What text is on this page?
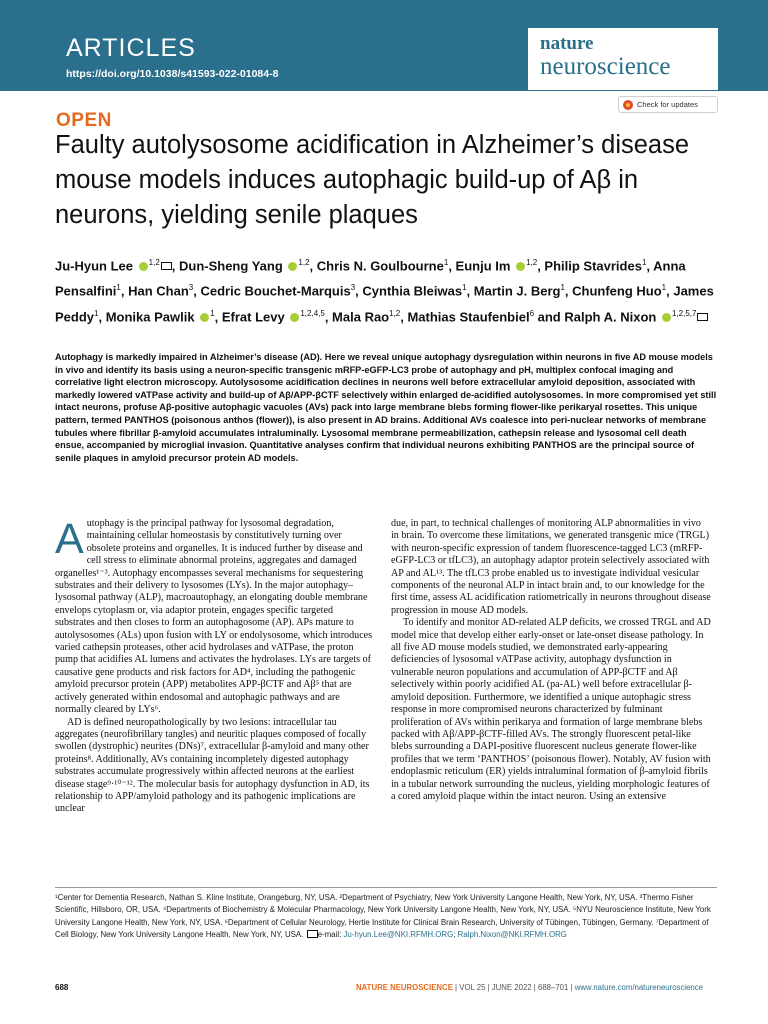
ARTICLES
https://doi.org/10.1038/s41593-022-01084-8
nature
neuroscience
Check for updates
OPEN
Faulty autolysosome acidification in Alzheimer’s disease mouse models induces autophagic build-up of Aβ in neurons, yielding senile plaques
Ju-Hyun Lee $^{1,2}$ , Dun-Sheng Yang $^{1,2}$, Chris N. Goulbourne$^1$, Eunju Im $^{1,2}$, Philip Stavrides$^1$, Anna Pensalfini$^1$, Han Chan$^3$, Cedric Bouchet-Marquis$^3$, Cynthia Bleiwas$^1$, Martin J. Berg$^1$, Chunfeng Huo$^1$, James Peddy$^1$, Monika Pawlik $^1$, Efrat Levy $^{1,2,4,5}$, Mala Rao$^{1,2}$, Mathias Staufenbiel$^6$ and Ralph A. Nixon $^{1,2,5,7}$
Autophagy is markedly impaired in Alzheimer’s disease (AD). Here we reveal unique autophagy dysregulation within neurons in five AD mouse models in vivo and identify its basis using a neuron-specific transgenic mRFP-eGFP-LC3 probe of autophagy and pH, multiplex confocal imaging and correlative light electron microscopy. Autolysosome acidification declines in neurons well before extracellular amyloid deposition, associated with markedly lowered vATPase activity and build-up of Aβ/APP-βCTF selectively within enlarged de-acidified autolysosomes. In more compromised yet still intact neurons, profuse Aβ-positive autophagic vacuoles (AVs) pack into large membrane blebs forming flower-like perikaryal rosettes. This unique pattern, termed PANTHOS (poisonous anthos (flower)), is also present in AD brains. Additional AVs coalesce into peri-nuclear networks of membrane tubules where fibrillar β-amyloid accumulates intraluminally. Lysosomal membrane permeabilization, cathepsin release and lysosomal cell death ensue, accompanied by microglial invasion. Quantitative analyses confirm that individual neurons exhibiting PANTHOS are the principal source of senile plaques in amyloid precursor protein AD models.

Autophagy is the principal pathway for lysosomal degradation, maintaining cellular homeostasis by constitutively turning over obsolete proteins and organelles. It is induced further by disease and cell stress to eliminate abnormal proteins, aggregates and damaged organelles¹⁻³. Autophagy encompasses several mechanisms for sequestering substrates and their delivery to lysosomes (LYs). In the major autophagy–lysosomal pathway (ALP), macroautophagy, an elongating double membrane envelops cytoplasm or, via adaptor protein, engages specific targeted substrates and then closes to form an autophagosome (AP). APs mature to autolysosomes (ALs) upon fusion with LY or endolysosome, which introduces varied cathepsin proteases, other acid hydrolases and vATPase, the proton pump that acidifies AL lumens and activates the hydrolases. LYs are targets of causative gene products and risk factors for AD⁴, including the pathogenic amyloid precursor protein (APP) metabolites APP-βCTF and Aβ⁵ that are actively generated within endosomal and autophagic pathways and are normally cleared by LYs⁶.

AD is defined neuropathologically by two lesions: intracellular tau aggregates (neurofibrillary tangles) and neuritic plaques composed of focally swollen (dystrophic) neurites (DNs)⁷, extracellular β-amyloid and many other proteins⁸. Additionally, AVs containing incompletely digested autophagy substrates accumulate progressively within affected neurons at the earliest disease stage⁹·¹⁰⁻¹². The molecular basis for autophagy dysfunction in AD, its relationship to APP/amyloid pathology and its pathogenic implications are unclear

due, in part, to technical challenges of monitoring ALP abnormalities in vivo in brain. To overcome these limitations, we generated transgenic mice (TRGL) with neuron-specific expression of tandem fluorescence-tagged LC3 (mRFP-eGFP-LC3 or tfLC3), an autophagy adaptor protein selectively associated with AP and AL¹³. The tfLC3 probe enabled us to investigate individual vesicular components of the neuronal ALP in intact brain and, to our knowledge for the first time, assess AL acidification ratiometrically in neurons throughout disease progression in mouse AD models.

To identify and monitor AD-related ALP deficits, we crossed TRGL and AD model mice that develop either early-onset or late-onset disease pathology. In all five AD mouse models studied, we demonstrated early-appearing deficiencies of lysosomal vATPase activity, autophagy dysfunction in vulnerable neuron populations and accumulation of APP-βCTF and Aβ selectively within poorly acidified AL (pa-AL) well before extracellular β-amyloid deposition. Furthermore, we identified a unique autophagic stress response in more compromised neurons characterized by fulminant proliferation of AVs within perikarya and formation of large membrane blebs packed with Aβ/APP-βCTF-filled AVs. The strongly fluorescent petal-like blebs surrounding a DAPI-positive fluorescent nucleus generate flower-like profiles that we term ‘PANTHOS’ (poisonous flower). Notably, AV fusion with endoplasmic reticulum (ER) yields intraluminal formation of β-amyloid fibrils in a tubular network surrounding the nucleus, yielding morphologic features of a cored amyloid plaque within the intact neuron. Using an extensive

¹Center for Dementia Research, Nathan S. Kline Institute, Orangeburg, NY, USA. ²Department of Psychiatry, New York University Langone Health, New York, NY, USA. ³Thermo Fisher Scientific, Hillsboro, OR, USA. ⁴Departments of Biochemistry & Molecular Pharmacology, New York University Langone Health, New York, NY, USA. ⁵NYU Neuroscience Institute, New York University Langone Health, New York, NY, USA. ⁶Department of Cellular Neurology, Hertie Institute for Clinical Brain Research, University of Tübingen, Tübingen, Germany. ⁷Department of Cell Biology, New York University Langone Health, New York, NY, USA. e-mail: Ju-hyun.Lee@NKI.RFMH.ORG; Ralph.Nixon@NKI.RFMH.ORG
688	NATURE NEUROSCIENCE | VOL 25 | JUNE 2022 | 688–701 | www.nature.com/natureneuroscience
